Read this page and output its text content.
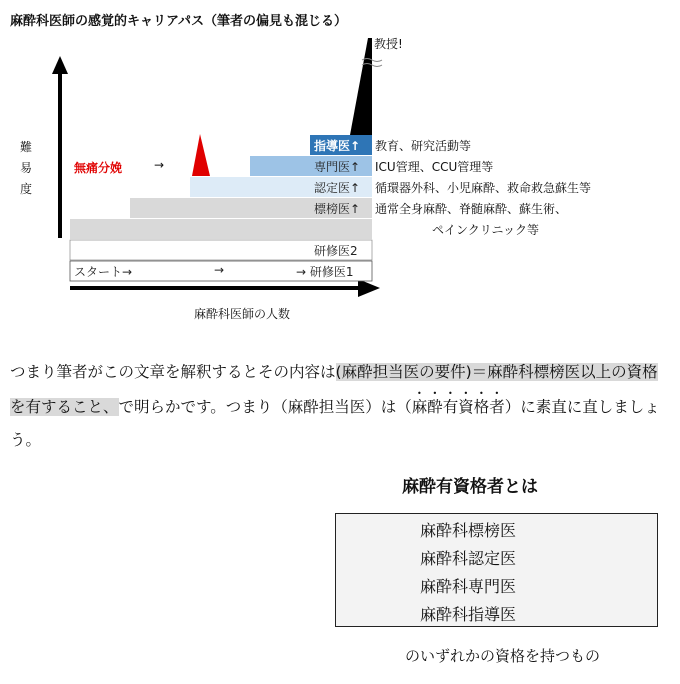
麻酔科医師の感覚的キャリアパス（筆者の偏見も混じる）
教授!
難
易
度
無痛分娩	→
指導医↑
専門医↑
認定医↑
標榜医↑
研修医2
スタート→	→	→ 研修医1
教育、研究活動等
ICU管理、CCU管理等
循環器外科、小児麻酔、救命救急蘇生等
通常全身麻酔、脊髄麻酔、蘇生術、
ペインクリニック等
麻酔科医師の人数
つまり筆者がこの文章を解釈するとその内容は(麻酔担当医の要件)＝麻酔科標榜医以上の資格を有すること、で明らかです。つまり（麻酔担当医）は（麻酔有資格者）に素直に直しましょう。
麻酔有資格者とは
麻酔科標榜医
麻酔科認定医
麻酔科専門医
麻酔科指導医
のいずれかの資格を持つもの
